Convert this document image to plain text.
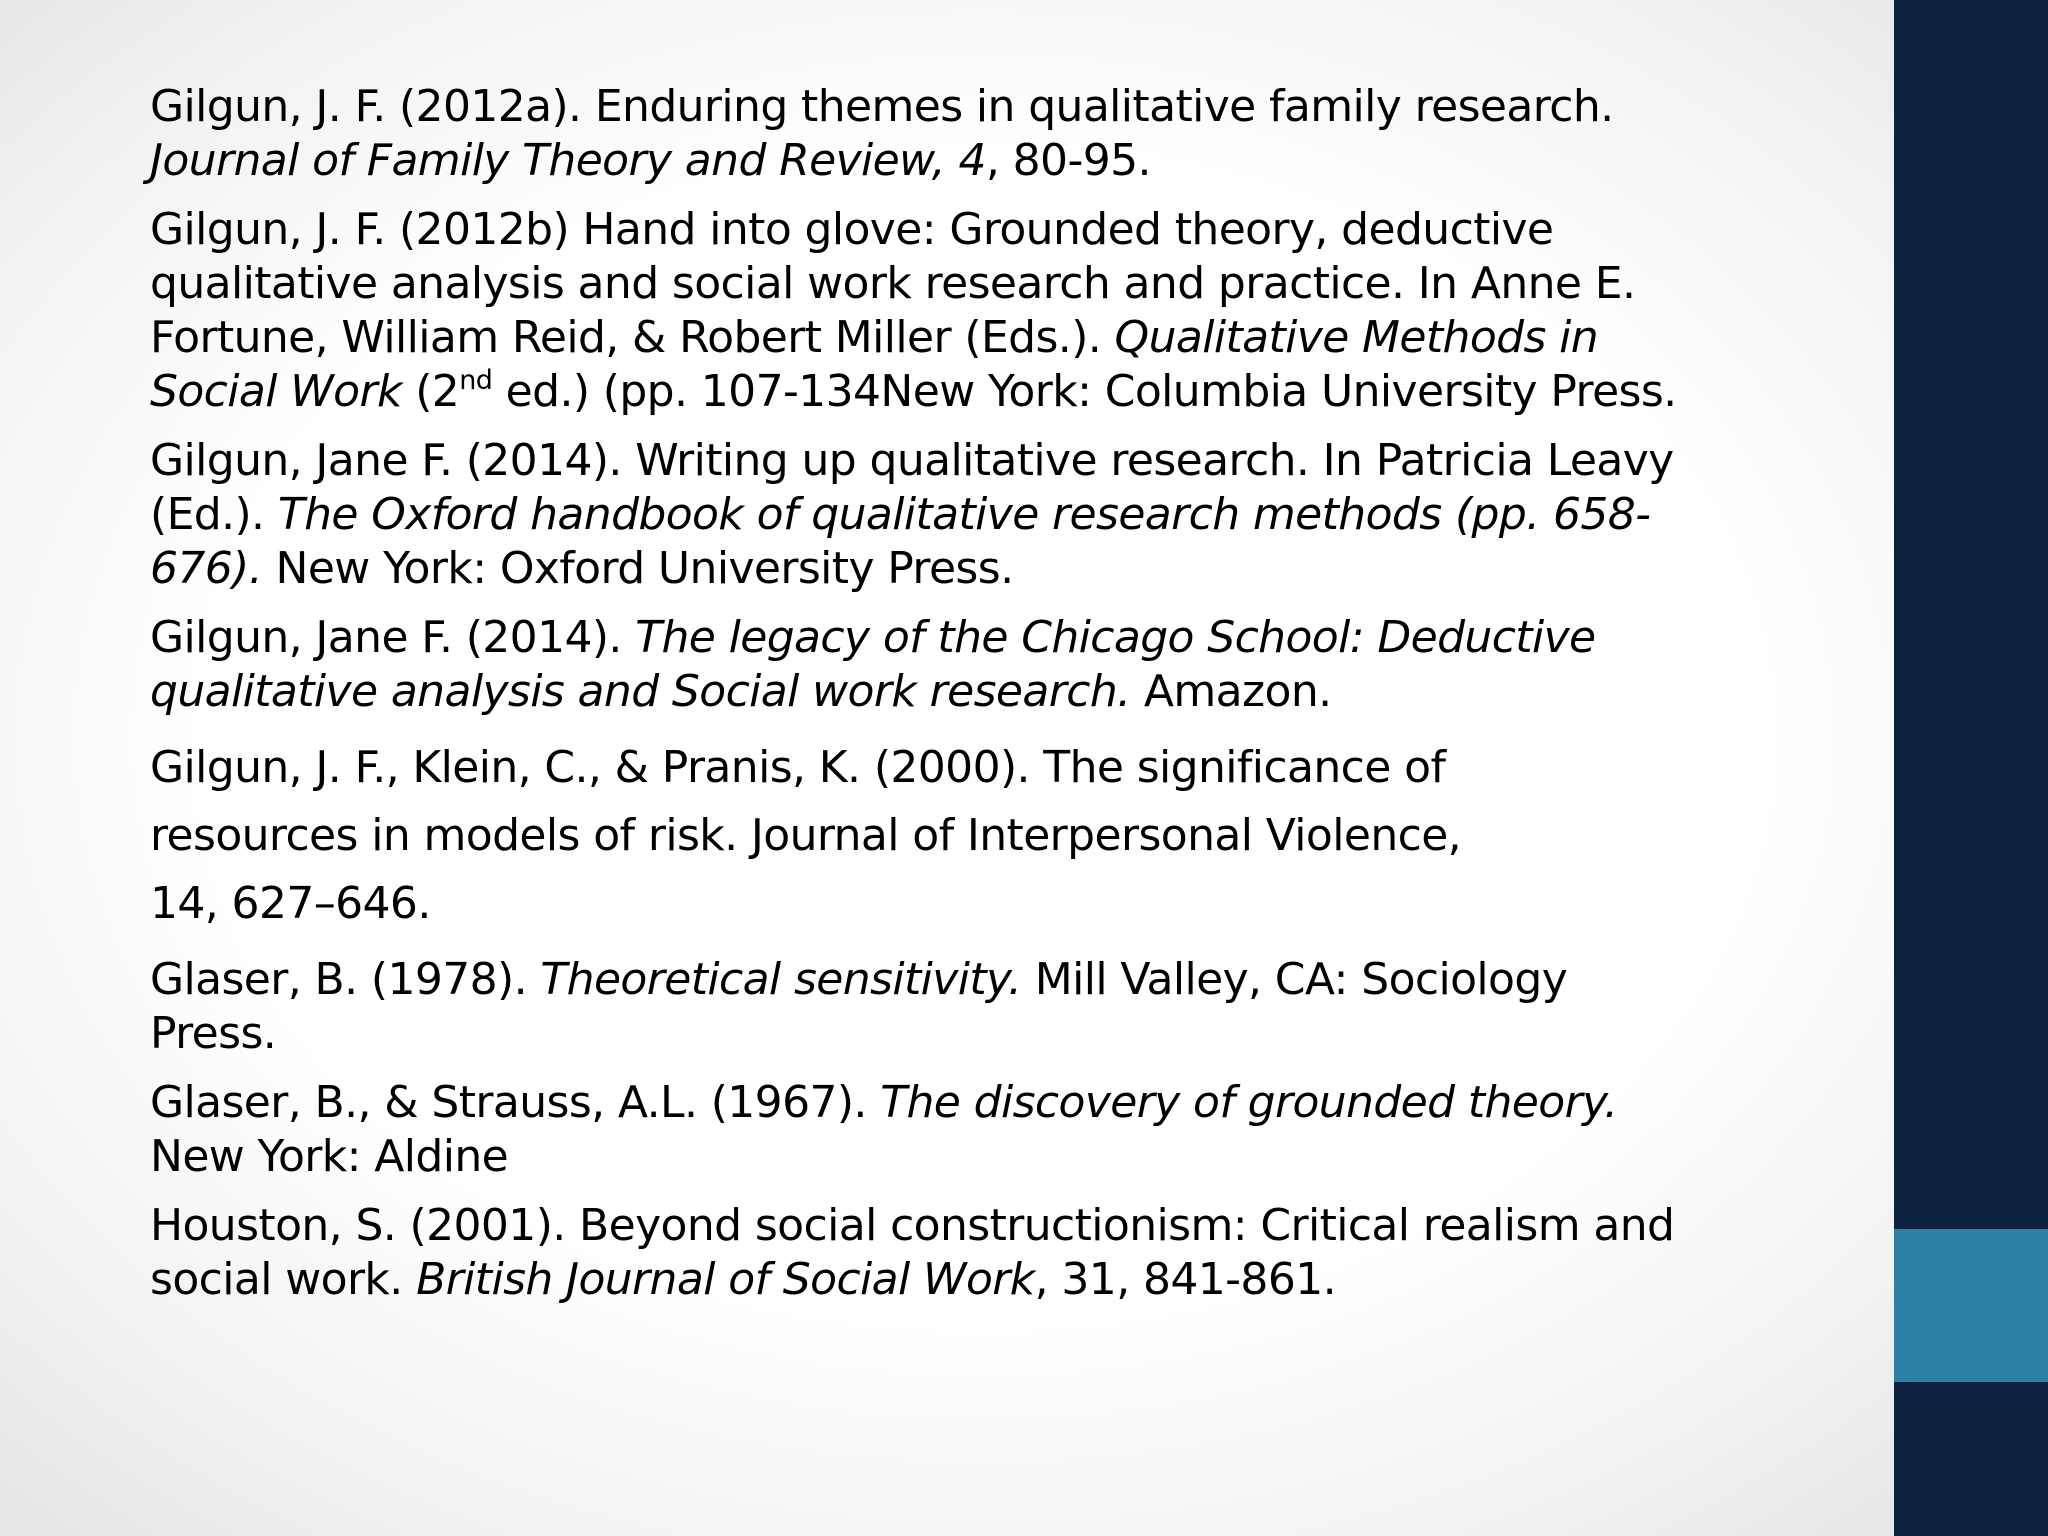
Gilgun, J. F. (2012a). Enduring themes in qualitative family research.
Journal of Family Theory and Review, 4, 80-95.
Gilgun, J. F. (2012b) Hand into glove: Grounded theory, deductive
qualitative analysis and social work research and practice. In Anne E.
Fortune, William Reid, & Robert Miller (Eds.). Qualitative Methods in
Social Work (2nd ed.) (pp. 107-134New York: Columbia University Press.
Gilgun, Jane F. (2014). Writing up qualitative research. In Patricia Leavy
(Ed.). The Oxford handbook of qualitative research methods (pp. 658-
676). New York: Oxford University Press.
Gilgun, Jane F. (2014). The legacy of the Chicago School: Deductive
qualitative analysis and Social work research. Amazon.
Gilgun, J. F., Klein, C., & Pranis, K. (2000). The significance of
resources in models of risk. Journal of Interpersonal Violence,
14, 627–646.
Glaser, B. (1978). Theoretical sensitivity. Mill Valley, CA: Sociology
Press.
Glaser, B., & Strauss, A.L. (1967). The discovery of grounded theory.
New York: Aldine
Houston, S. (2001). Beyond social constructionism: Critical realism and
social work. British Journal of Social Work, 31, 841-861.
